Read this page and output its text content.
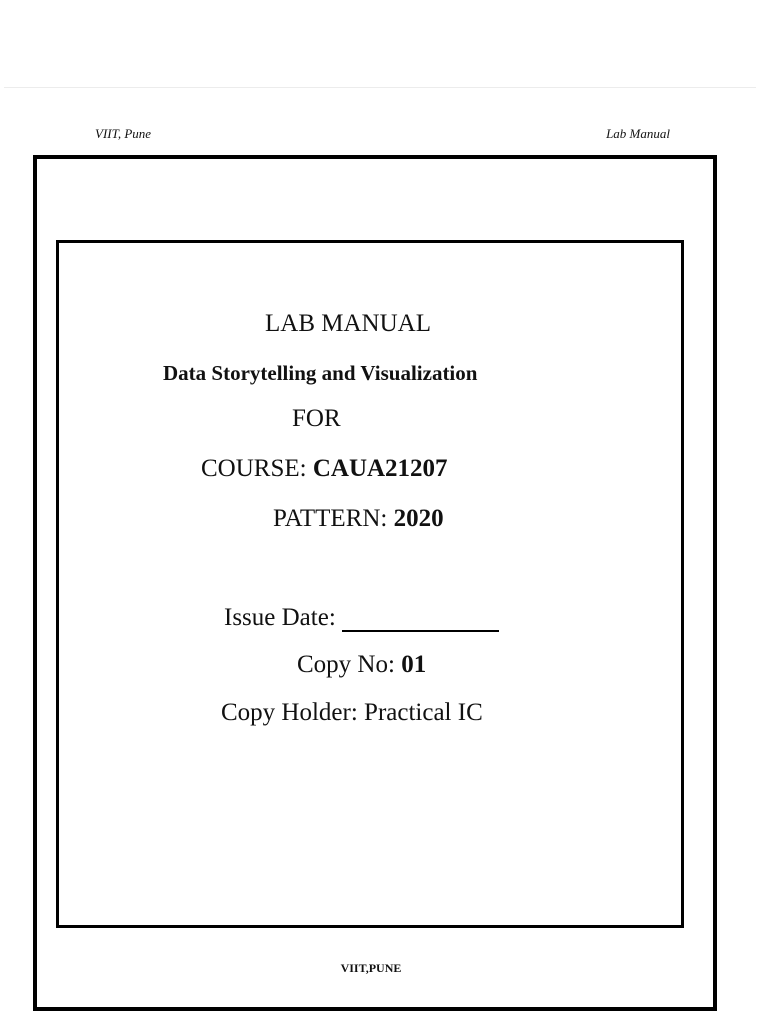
VIIT, Pune	Lab Manual
LAB MANUAL
Data Storytelling and Visualization
FOR
COURSE: CAUA21207
PATTERN: 2020
Issue Date:
Copy No: 01
Copy Holder: Practical IC
VIIT,PUNE
